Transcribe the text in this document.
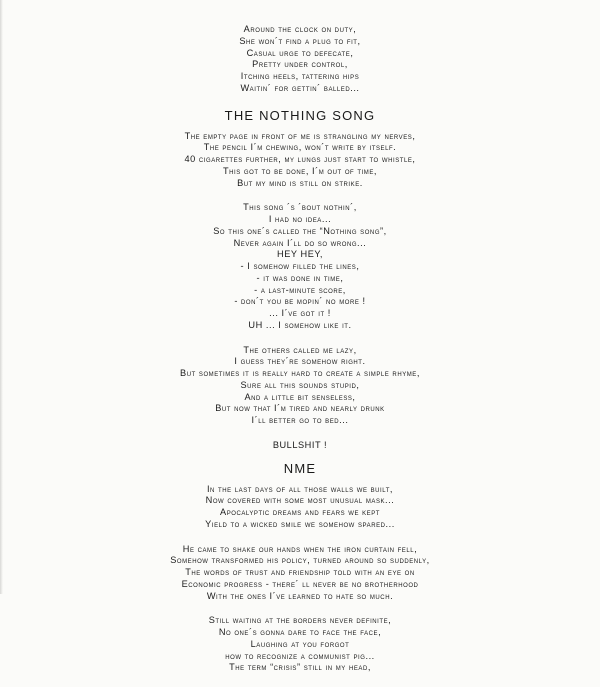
Around the clock on duty,
She won´t find a plug to fit,
Casual urge to defecate,
Pretty under control,
Itching heels, tattering hips
Waitin´ for gettin´ balled...
THE NOTHING SONG
The empty page in front of me is strangling my nerves,
The pencil I´m chewing, won´t write by itself.
40 cigarettes further, my lungs just start to whistle,
This got to be done, I´m out of time,
But my mind is still on strike.
This song ´s ´bout nothin´,
I had no idea...
So this one´s called the “Nothing song”,
Never again I´ll do so wrong...
HEY HEY,
- I somehow filled the lines,
- it was done in time,
- a last-minute score,
- don´t you be mopin´ no more !
... I´ve got it !
UH ... I somehow like it.
The others called me lazy,
I guess they´re somehow right.
But sometimes it is really hard to create a simple rhyme,
Sure all this sounds stupid,
And a little bit senseless,
But now that I´m tired and nearly drunk
I´ll better go to bed...
BULLSHIT !
NME
In the last days of all those walls we built,
Now covered with some most unusual mask...
Apocalyptic dreams and fears we kept
Yield to a wicked smile we somehow spared...
He came to shake our hands when the iron curtain fell,
Somehow transformed his policy, turned around so suddenly,
The words of trust and friendship told with an eye on
Economic progress - there´ ll never be no brotherhood
With the ones I´ve learned to hate so much.
Still waiting at the borders never definite,
No one´s gonna dare to face the face,
Laughing at you forgot
how to recognize a communist pig...
The term “crisis” still in my head,
